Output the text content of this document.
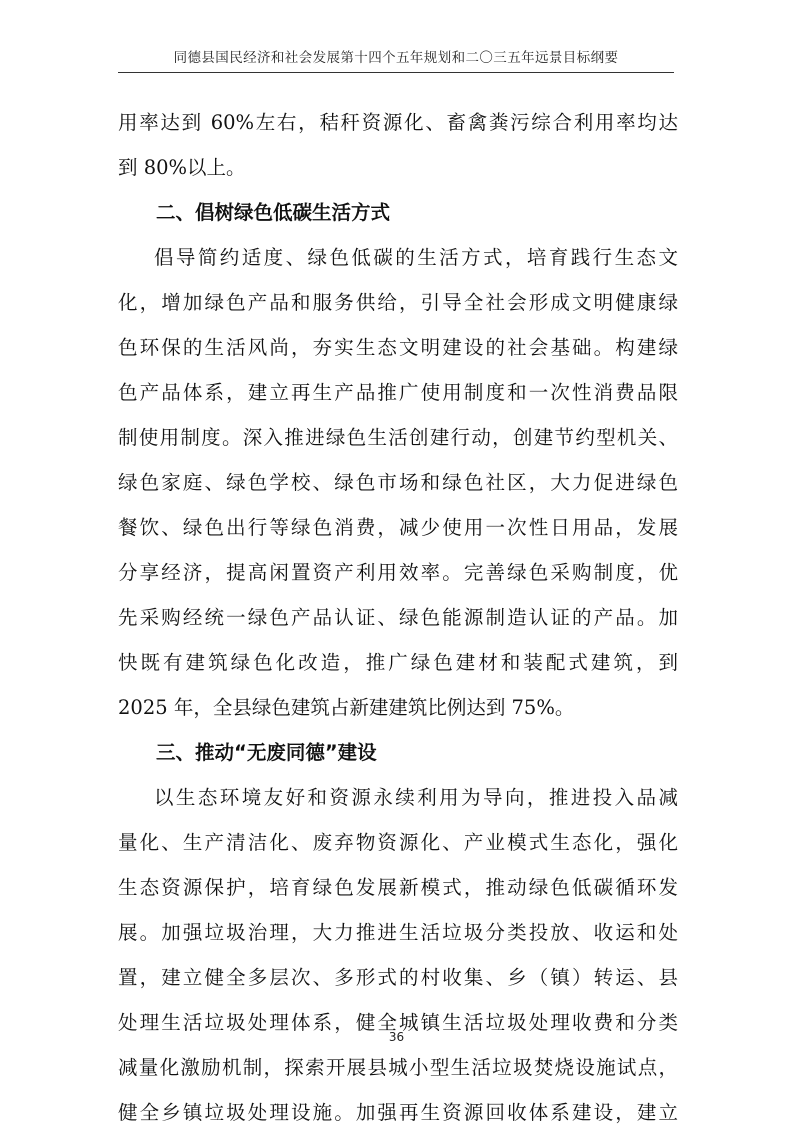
同德县国民经济和社会发展第十四个五年规划和二〇三五年远景目标纲要
用率达到 60%左右，秸秆资源化、畜禽粪污综合利用率均达
到 80%以上。
二、倡树绿色低碳生活方式
倡导简约适度、绿色低碳的生活方式，培育践行生态文
化，增加绿色产品和服务供给，引导全社会形成文明健康绿
色环保的生活风尚，夯实生态文明建设的社会基础。构建绿
色产品体系，建立再生产品推广使用制度和一次性消费品限
制使用制度。深入推进绿色生活创建行动，创建节约型机关、
绿色家庭、绿色学校、绿色市场和绿色社区，大力促进绿色
餐饮、绿色出行等绿色消费，减少使用一次性日用品，发展
分享经济，提高闲置资产利用效率。完善绿色采购制度，优
先采购经统一绿色产品认证、绿色能源制造认证的产品。加
快既有建筑绿色化改造，推广绿色建材和装配式建筑，到
2025 年，全县绿色建筑占新建建筑比例达到 75%。
三、推动“无废同德”建设
以生态环境友好和资源永续利用为导向，推进投入品减
量化、生产清洁化、废弃物资源化、产业模式生态化，强化
生态资源保护，培育绿色发展新模式，推动绿色低碳循环发
展。加强垃圾治理，大力推进生活垃圾分类投放、收运和处
置，建立健全多层次、多形式的村收集、乡（镇）转运、县
处理生活垃圾处理体系，健全城镇生活垃圾处理收费和分类
减量化激励机制，探索开展县城小型生活垃圾焚烧设施试点，
健全乡镇垃圾处理设施。加强再生资源回收体系建设，建立
36
